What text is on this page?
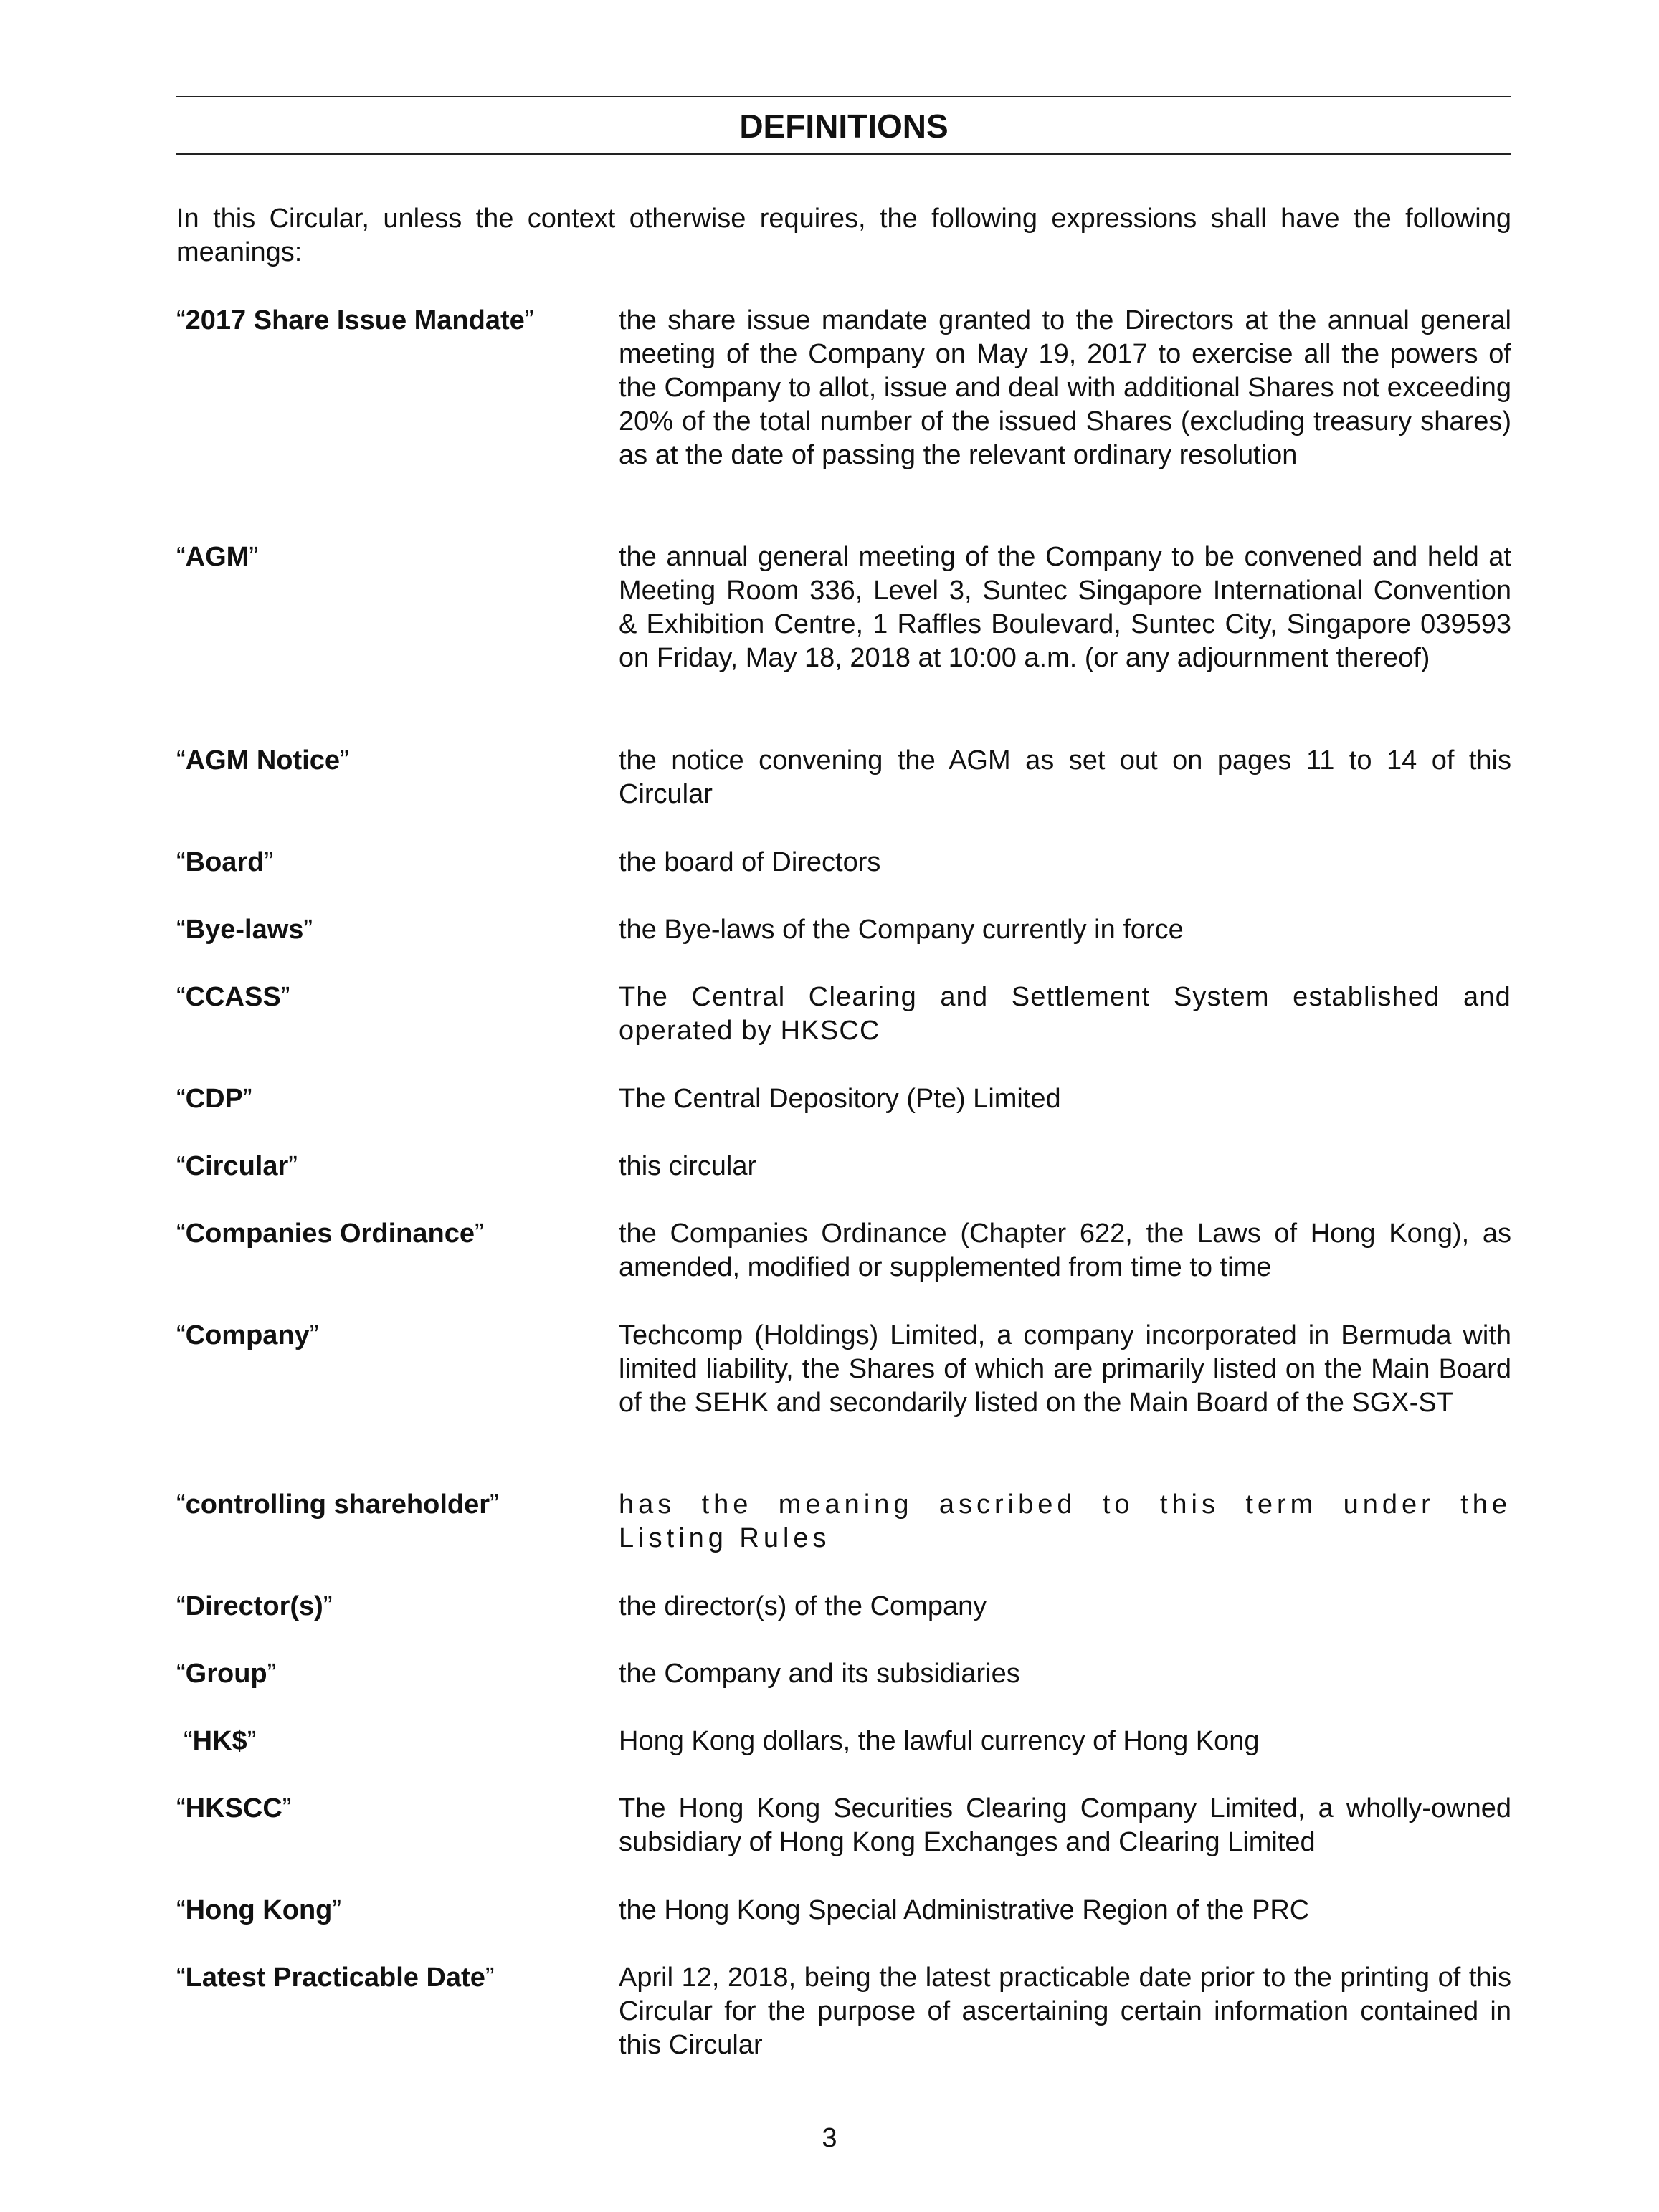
DEFINITIONS
In this Circular, unless the context otherwise requires, the following expressions shall have the following meanings:
“2017 Share Issue Mandate”	the share issue mandate granted to the Directors at the annual general meeting of the Company on May 19, 2017 to exercise all the powers of the Company to allot, issue and deal with additional Shares not exceeding 20% of the total number of the issued Shares (excluding treasury shares) as at the date of passing the relevant ordinary resolution
“AGM”	the annual general meeting of the Company to be convened and held at Meeting Room 336, Level 3, Suntec Singapore International Convention & Exhibition Centre, 1 Raffles Boulevard, Suntec City, Singapore 039593 on Friday, May 18, 2018 at 10:00 a.m. (or any adjournment thereof)
“AGM Notice”	the notice convening the AGM as set out on pages 11 to 14 of this Circular
“Board”	the board of Directors
“Bye-laws”	the Bye-laws of the Company currently in force
“CCASS”	The Central Clearing and Settlement System established and operated by HKSCC
“CDP”	The Central Depository (Pte) Limited
“Circular”	this circular
“Companies Ordinance”	the Companies Ordinance (Chapter 622, the Laws of Hong Kong), as amended, modified or supplemented from time to time
“Company”	Techcomp (Holdings) Limited, a company incorporated in Bermuda with limited liability, the Shares of which are primarily listed on the Main Board of the SEHK and secondarily listed on the Main Board of the SGX-ST
“controlling shareholder”	has the meaning ascribed to this term under the Listing Rules
“Director(s)”	the director(s) of the Company
“Group”	the Company and its subsidiaries
“HK$”	Hong Kong dollars, the lawful currency of Hong Kong
“HKSCC”	The Hong Kong Securities Clearing Company Limited, a wholly-owned subsidiary of Hong Kong Exchanges and Clearing Limited
“Hong Kong”	the Hong Kong Special Administrative Region of the PRC
“Latest Practicable Date”	April 12, 2018, being the latest practicable date prior to the printing of this Circular for the purpose of ascertaining certain information contained in this Circular
3
